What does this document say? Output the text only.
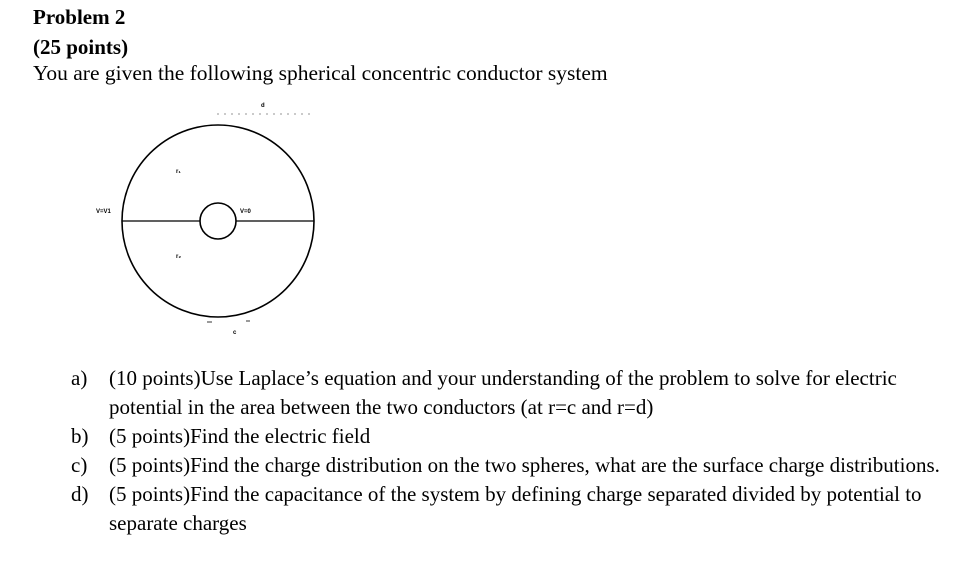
Problem 2
(25 points)
You are given the following spherical concentric conductor system
d
r₁
r₂
V=V1	V=0
c
a) (10 points)Use Laplace’s equation and your understanding of the problem to solve for electric potential in the area between the two conductors (at r=c and r=d)
b) (5 points)Find the electric field
c) (5 points)Find the charge distribution on the two spheres, what are the surface charge distributions.
d) (5 points)Find the capacitance of the system by defining charge separated divided by potential to separate charges
